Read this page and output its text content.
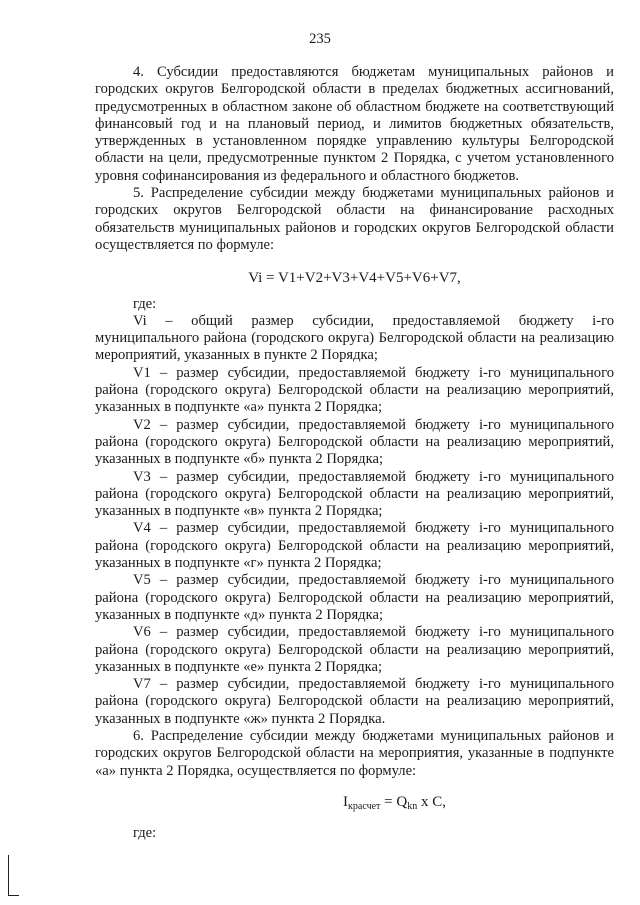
235

4. Субсидии предоставляются бюджетам муниципальных районов и городских округов Белгородской области в пределах бюджетных ассигнований, предусмотренных в областном законе об областном бюджете на соответствующий финансовый год и на плановый период, и лимитов бюджетных обязательств, утвержденных в установленном порядке управлению культуры Белгородской области на цели, предусмотренные пунктом 2 Порядка, с учетом установленного уровня софинансирования из федерального и областного бюджетов.

5. Распределение субсидии между бюджетами муниципальных районов и городских округов Белгородской области на финансирование расходных обязательств муниципальных районов и городских округов Белгородской области осуществляется по формуле:

Vi = V1+V2+V3+V4+V5+V6+V7,

где:

Vi – общий размер субсидии, предоставляемой бюджету i-го муниципального района (городского округа) Белгородской области на реализацию мероприятий, указанных в пункте 2 Порядка;

V1 – размер субсидии, предоставляемой бюджету i-го муниципального района (городского округа) Белгородской области на реализацию мероприятий, указанных в подпункте «а» пункта 2 Порядка;

V2 – размер субсидии, предоставляемой бюджету i-го муниципального района (городского округа) Белгородской области на реализацию мероприятий, указанных в подпункте «б» пункта 2 Порядка;

V3 – размер субсидии, предоставляемой бюджету i-го муниципального района (городского округа) Белгородской области на реализацию мероприятий, указанных в подпункте «в» пункта 2 Порядка;

V4 – размер субсидии, предоставляемой бюджету i-го муниципального района (городского округа) Белгородской области на реализацию мероприятий, указанных в подпункте «г» пункта 2 Порядка;

V5 – размер субсидии, предоставляемой бюджету i-го муниципального района (городского округа) Белгородской области на реализацию мероприятий, указанных в подпункте «д» пункта 2 Порядка;

V6 – размер субсидии, предоставляемой бюджету i-го муниципального района (городского округа) Белгородской области на реализацию мероприятий, указанных в подпункте «е» пункта 2 Порядка;

V7 – размер субсидии, предоставляемой бюджету i-го муниципального района (городского округа) Белгородской области на реализацию мероприятий, указанных в подпункте «ж» пункта 2 Порядка.

6. Распределение субсидии между бюджетами муниципальных районов и городских округов Белгородской области на мероприятия, указанные в подпункте «а» пункта 2 Порядка, осуществляется по формуле:

$I_{красчет} = Q_{kn}$ x C,

где:
